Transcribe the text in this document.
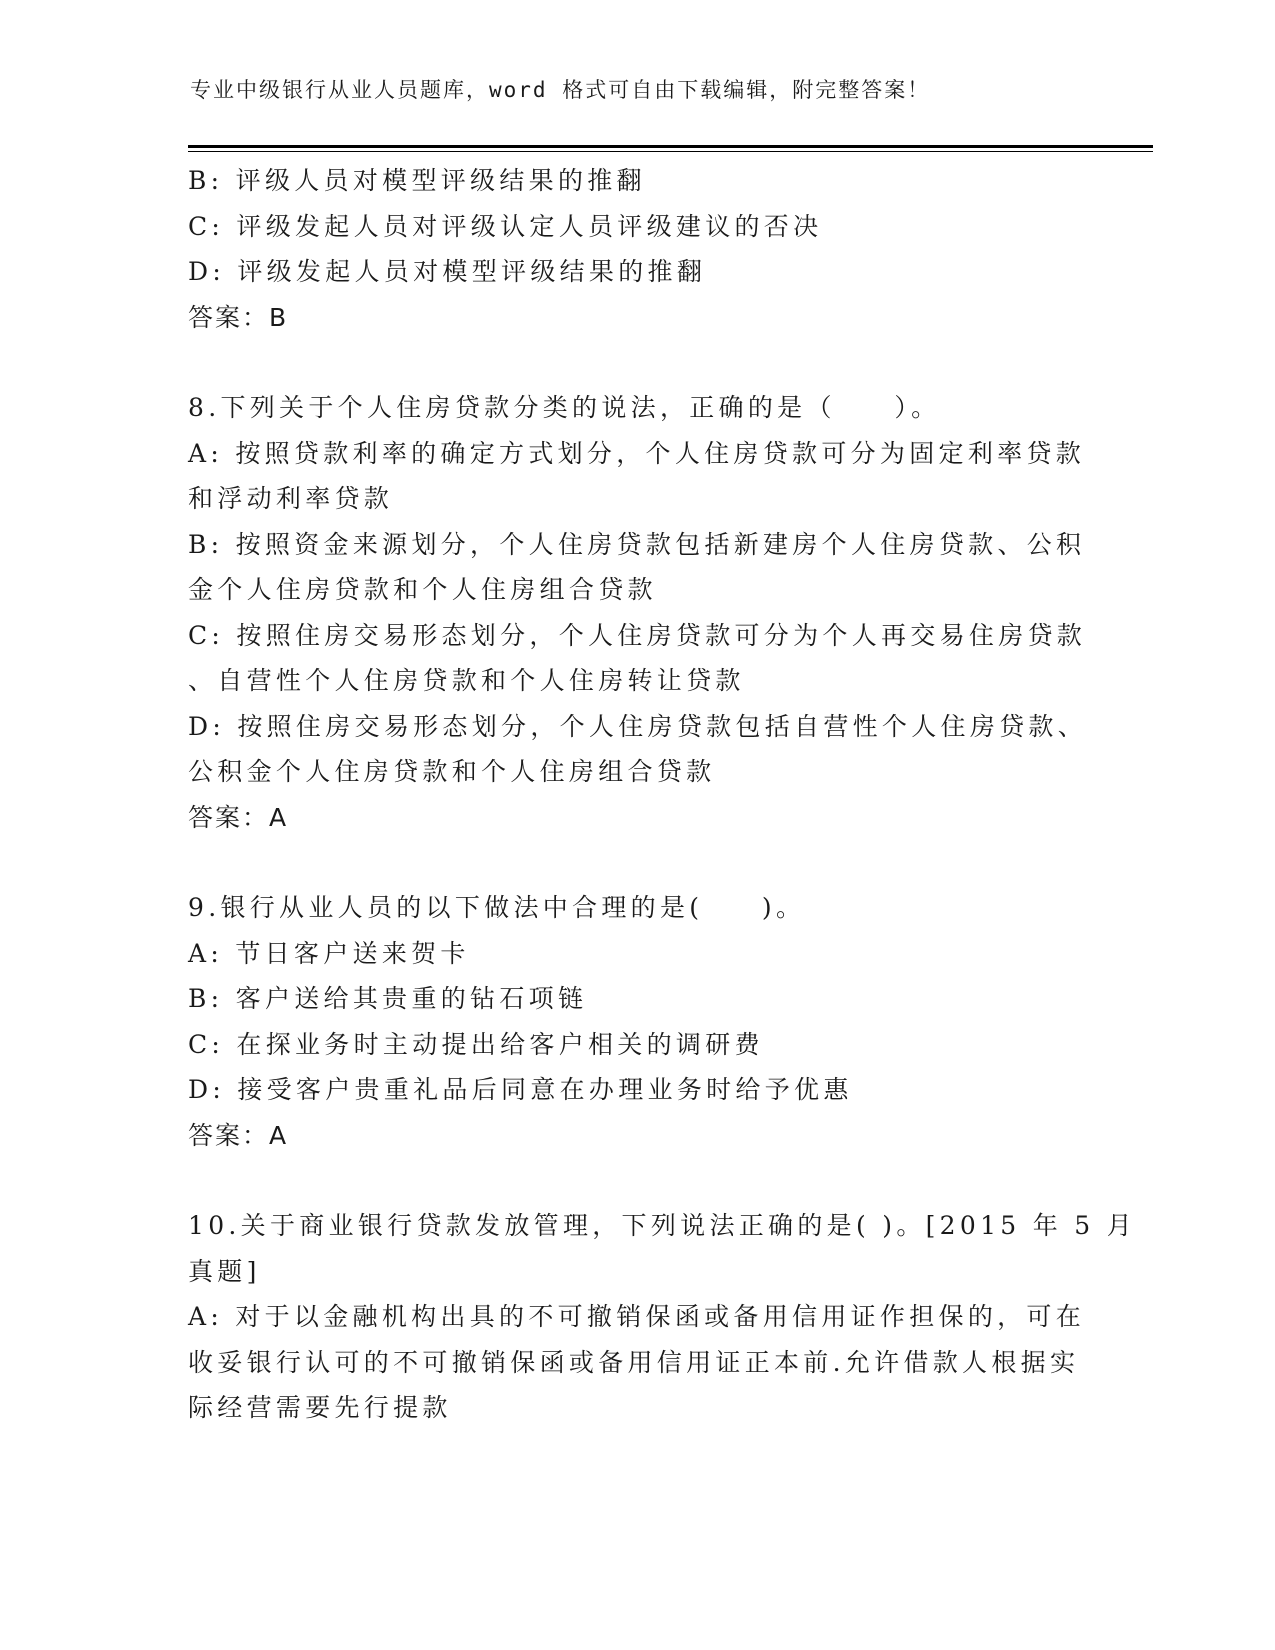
专业中级银行从业人员题库，word 格式可自由下载编辑，附完整答案！

B: 评级人员对模型评级结果的推翻

C: 评级发起人员对评级认定人员评级建议的否决

D: 评级发起人员对模型评级结果的推翻

答案：B

8.下列关于个人住房贷款分类的说法，正确的是（　　）。

A: 按照贷款利率的确定方式划分，个人住房贷款可分为固定利率贷款

和浮动利率贷款

B: 按照资金来源划分，个人住房贷款包括新建房个人住房贷款、公积

金个人住房贷款和个人住房组合贷款

C: 按照住房交易形态划分，个人住房贷款可分为个人再交易住房贷款

、自营性个人住房贷款和个人住房转让贷款

D: 按照住房交易形态划分，个人住房贷款包括自营性个人住房贷款、

公积金个人住房贷款和个人住房组合贷款

答案：A

9.银行从业人员的以下做法中合理的是(　　)。

A: 节日客户送来贺卡

B: 客户送给其贵重的钻石项链

C: 在探业务时主动提出给客户相关的调研费

D: 接受客户贵重礼品后同意在办理业务时给予优惠

答案：A

10.关于商业银行贷款发放管理，下列说法正确的是( )。[2015 年 5 月

真题]

A: 对于以金融机构出具的不可撤销保函或备用信用证作担保的，可在

收妥银行认可的不可撤销保函或备用信用证正本前.允许借款人根据实

际经营需要先行提款
